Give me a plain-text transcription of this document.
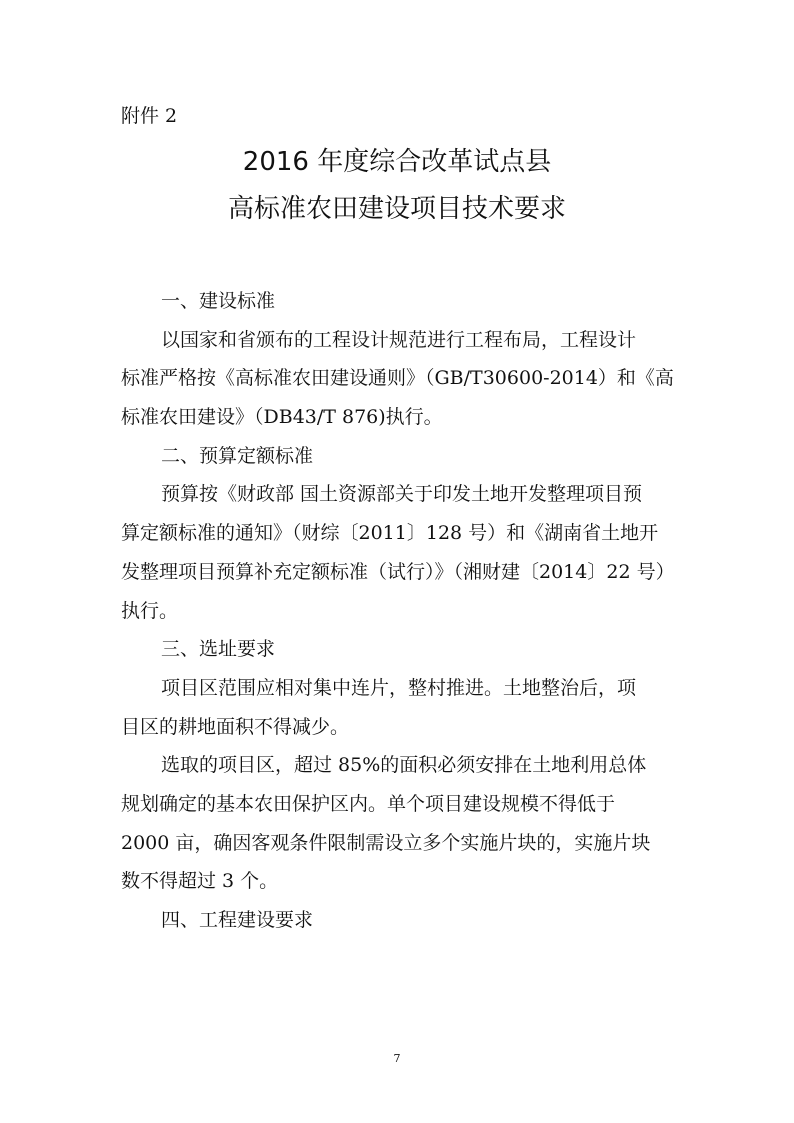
附件 2
2016 年度综合改革试点县
高标准农田建设项目技术要求
一、建设标准
以国家和省颁布的工程设计规范进行工程布局，工程设计
标准严格按《高标准农田建设通则》（GB/T30600-2014）和《高
标准农田建设》（DB43/T 876)执行。
二、预算定额标准
预算按《财政部 国土资源部关于印发土地开发整理项目预
算定额标准的通知》（财综〔2011〕128 号）和《湖南省土地开
发整理项目预算补充定额标准（试行）》（湘财建〔2014〕22 号）
执行。
三、选址要求
项目区范围应相对集中连片，整村推进。土地整治后，项
目区的耕地面积不得减少。
选取的项目区，超过 85%的面积必须安排在土地利用总体
规划确定的基本农田保护区内。单个项目建设规模不得低于
2000 亩，确因客观条件限制需设立多个实施片块的，实施片块
数不得超过 3 个。
四、工程建设要求
7
